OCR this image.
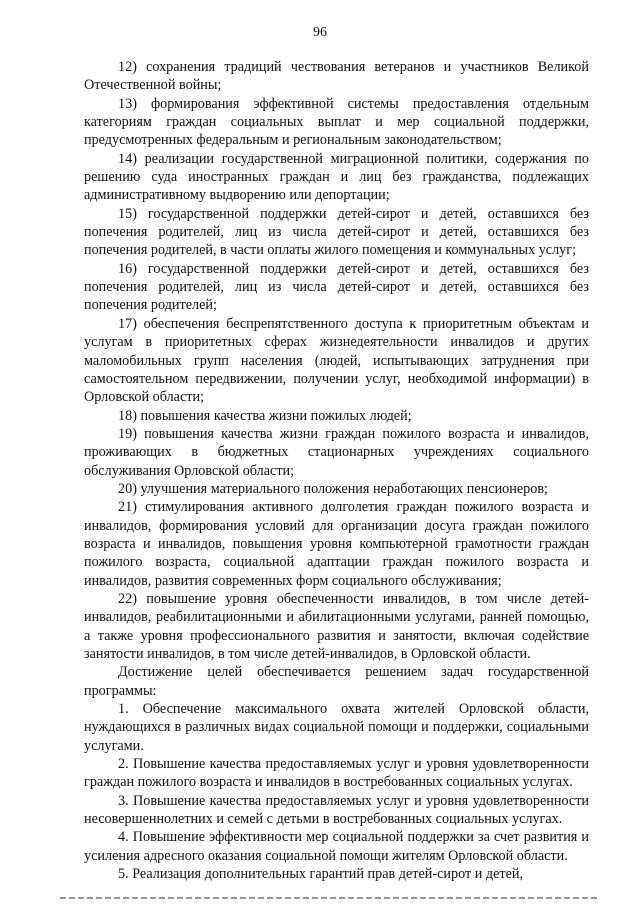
96

12) сохранения традиций чествования ветеранов и участников Великой Отечественной войны;

13) формирования эффективной системы предоставления отдельным категориям граждан социальных выплат и мер социальной поддержки, предусмотренных федеральным и региональным законодательством;

14) реализации государственной миграционной политики, содержания по решению суда иностранных граждан и лиц без гражданства, подлежащих административному выдворению или депортации;

15) государственной поддержки детей-сирот и детей, оставшихся без попечения родителей, лиц из числа детей-сирот и детей, оставшихся без попечения родителей, в части оплаты жилого помещения и коммунальных услуг;

16) государственной поддержки детей-сирот и детей, оставшихся без попечения родителей, лиц из числа детей-сирот и детей, оставшихся без попечения родителей;

17) обеспечения беспрепятственного доступа к приоритетным объектам и услугам в приоритетных сферах жизнедеятельности инвалидов и других маломобильных групп населения (людей, испытывающих затруднения при самостоятельном передвижении, получении услуг, необходимой информации) в Орловской области;

18) повышения качества жизни пожилых людей;

19) повышения качества жизни граждан пожилого возраста и инвалидов, проживающих в бюджетных стационарных учреждениях социального обслуживания Орловской области;

20) улучшения материального положения неработающих пенсионеров;

21) стимулирования активного долголетия граждан пожилого возраста и инвалидов, формирования условий для организации досуга граждан пожилого возраста и инвалидов, повышения уровня компьютерной грамотности граждан пожилого возраста, социальной адаптации граждан пожилого возраста и инвалидов, развития современных форм социального обслуживания;

22) повышение уровня обеспеченности инвалидов, в том числе детей-инвалидов, реабилитационными и абилитационными услугами, ранней помощью, а также уровня профессионального развития и занятости, включая содействие занятости инвалидов, в том числе детей-инвалидов, в Орловской области.

Достижение целей обеспечивается решением задач государственной программы:

1. Обеспечение максимального охвата жителей Орловской области, нуждающихся в различных видах социальной помощи и поддержки, социальными услугами.

2. Повышение качества предоставляемых услуг и уровня удовлетворенности граждан пожилого возраста и инвалидов в востребованных социальных услугах.

3. Повышение качества предоставляемых услуг и уровня удовлетворенности несовершеннолетних и семей с детьми в востребованных социальных услугах.

4. Повышение эффективности мер социальной поддержки за счет развития и усиления адресного оказания социальной помощи жителям Орловской области.

5. Реализация дополнительных гарантий прав детей-сирот и детей,
